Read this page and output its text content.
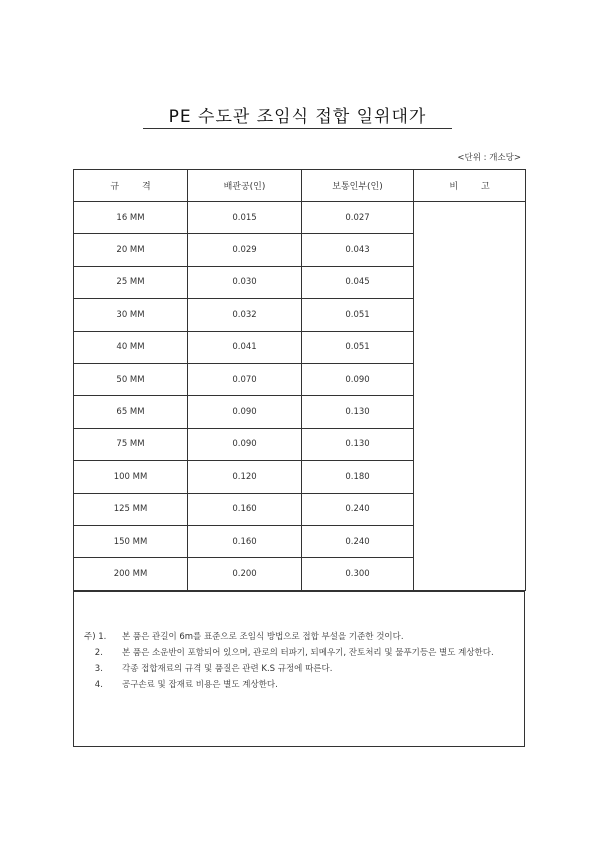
PE 수도관 조임식 접합 일위대가
<단위 : 개소당>
규        격	배관공(인)	보통인부(인)	비        고
16 MM	0.015	0.027	
20 MM	0.029	0.043	
25 MM	0.030	0.045	
30 MM	0.032	0.051	
40 MM	0.041	0.051	
50 MM	0.070	0.090	
65 MM	0.090	0.130	
75 MM	0.090	0.130	
100 MM	0.120	0.180	
125 MM	0.160	0.240	
150 MM	0.160	0.240	
200 MM	0.200	0.300	
주) 1.	본 품은 관길이 6m를 표준으로 조임식 방법으로 접합 부설을 기준한 것이다.
2.	본 품은 소운반이 포함되어 있으며, 관로의 터파기, 되메우기, 잔토처리 및 물푸기등은 별도 계상한다.
3.	각종 접합재료의 규격 및 품질은 관련 K.S 규정에 따른다.
4.	공구손료 및 잡재료 비용은 별도 계상한다.
